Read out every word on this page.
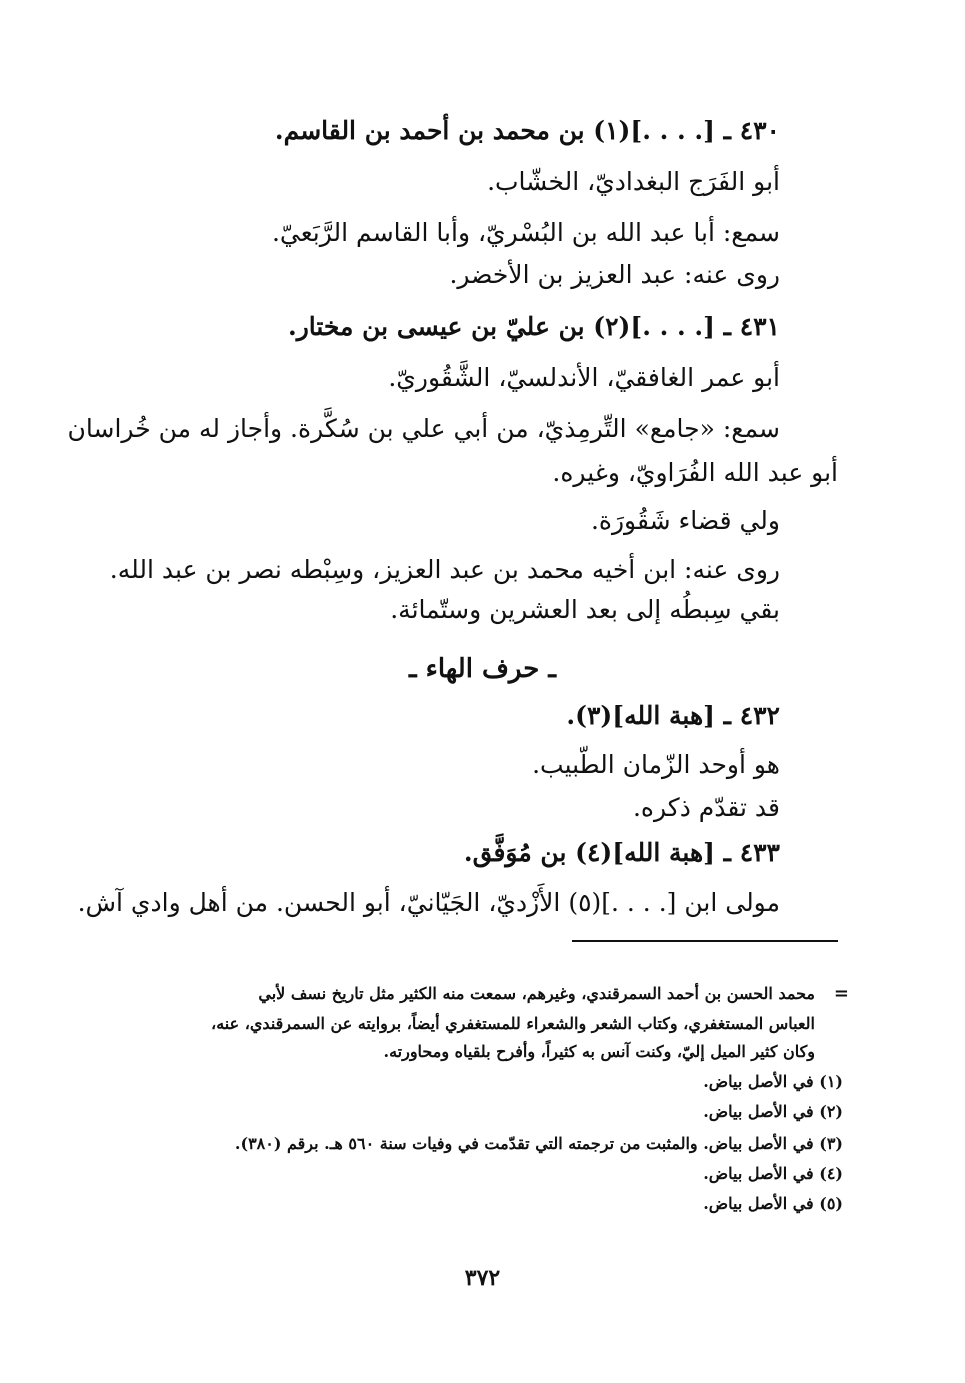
٤٣٠ ـ [. . . .](١) بن محمد بن أحمد بن القاسم.
أبو الفَرَج البغداديّ، الخشّاب.
سمع: أبا عبد الله بن البُسْريّ، وأبا القاسم الرَّبَعيّ.
روى عنه: عبد العزيز بن الأخضر.
٤٣١ ـ [. . . .](٢) بن عليّ بن عيسى بن مختار.
أبو عمر الغافقيّ، الأندلسيّ، الشَّقُوريّ.
سمع: «جامع» التِّرمِذيّ، من أبي علي بن سُكَّرة. وأجاز له من خُراسان
أبو عبد الله الفُرَاويّ، وغيره.
ولي قضاء شَقُورَة.
روى عنه: ابن أخيه محمد بن عبد العزيز، وسِبْطه نصر بن عبد الله.
بقي سِبطُه إلى بعد العشرين وستّمائة.
ـ حرف الهاء ـ
٤٣٢ ـ [هبة الله](٣).
هو أوحد الزّمان الطّبيب.
قد تقدّم ذكره.
٤٣٣ ـ [هبة الله](٤) بن مُوَفَّق.
مولى ابن [. . . .](٥) الأَزْديّ، الجَيّانيّ، أبو الحسن. من أهل وادي آش.
=
محمد الحسن بن أحمد السمرقندي، وغيرهم، سمعت منه الكثير مثل تاريخ نسف لأبي
العباس المستغفري، وكتاب الشعر والشعراء للمستغفري أيضاً، بروايته عن السمرقندي، عنه،
وكان كثير الميل إليّ، وكنت آنس به كثيراً، وأفرح بلقياه ومحاورته.
(١) في الأصل بياض.
(٢) في الأصل بياض.
(٣) في الأصل بياض. والمثبت من ترجمته التي تقدّمت في وفيات سنة ٥٦٠ هـ. برقم (٣٨٠).
(٤) في الأصل بياض.
(٥) في الأصل بياض.
٣٧٢
